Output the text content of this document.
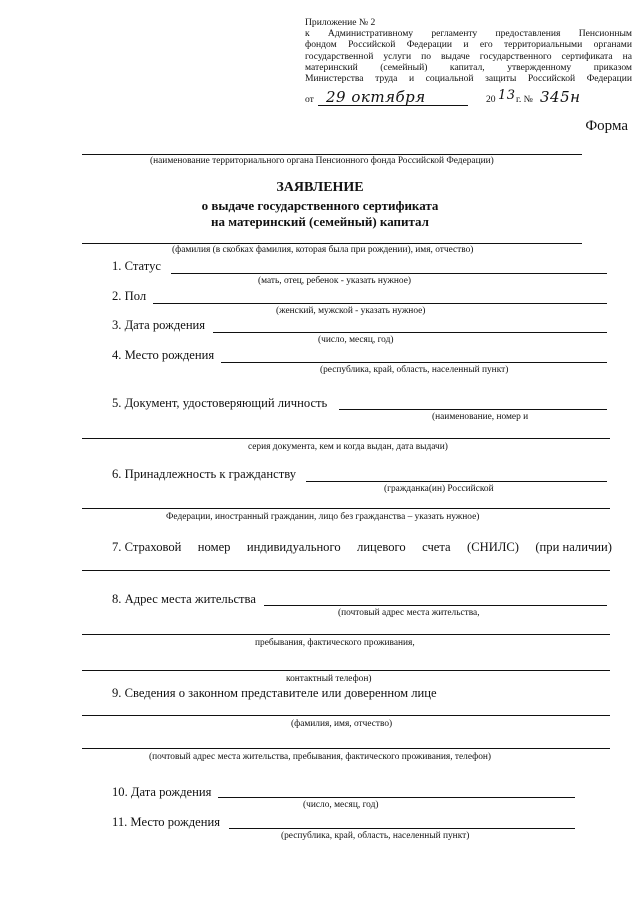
Приложение № 2
к Административному регламенту предоставления Пенсионным
фондом Российской Федерации и его территориальными органами
государственной услуги по выдаче государственного сертификата на
материнский (семейный) капитал, утвержденному приказом
Министерства труда и социальной защиты Российской Федерации
от 29 октября	20 13 г. № 345н
Форма
(наименование территориального органа Пенсионного фонда Российской Федерации)
ЗАЯВЛЕНИЕ
о выдаче государственного сертификата
на материнский (семейный) капитал
(фамилия (в скобках фамилия, которая была при рождении), имя, отчество)
1. Статус
(мать, отец, ребенок - указать нужное)
2. Пол
(женский, мужской - указать нужное)
3. Дата рождения
(число, месяц, год)
4. Место рождения
(республика, край, область, населенный пункт)
5. Документ, удостоверяющий личность
(наименование, номер и
серия документа, кем и когда выдан, дата выдачи)
6. Принадлежность к гражданству
(гражданка(ин) Российской
Федерации, иностранный гражданин, лицо без гражданства – указать нужное)
7. Страховой номер индивидуального лицевого счета (СНИЛС) (при наличии)
8. Адрес места жительства
(почтовый адрес места жительства,
пребывания, фактического проживания,
контактный телефон)
9. Сведения о законном представителе или доверенном лице
(фамилия, имя, отчество)
(почтовый адрес места жительства, пребывания, фактического проживания, телефон)
10. Дата рождения
(число, месяц, год)
11. Место рождения
(республика, край, область, населенный пункт)
